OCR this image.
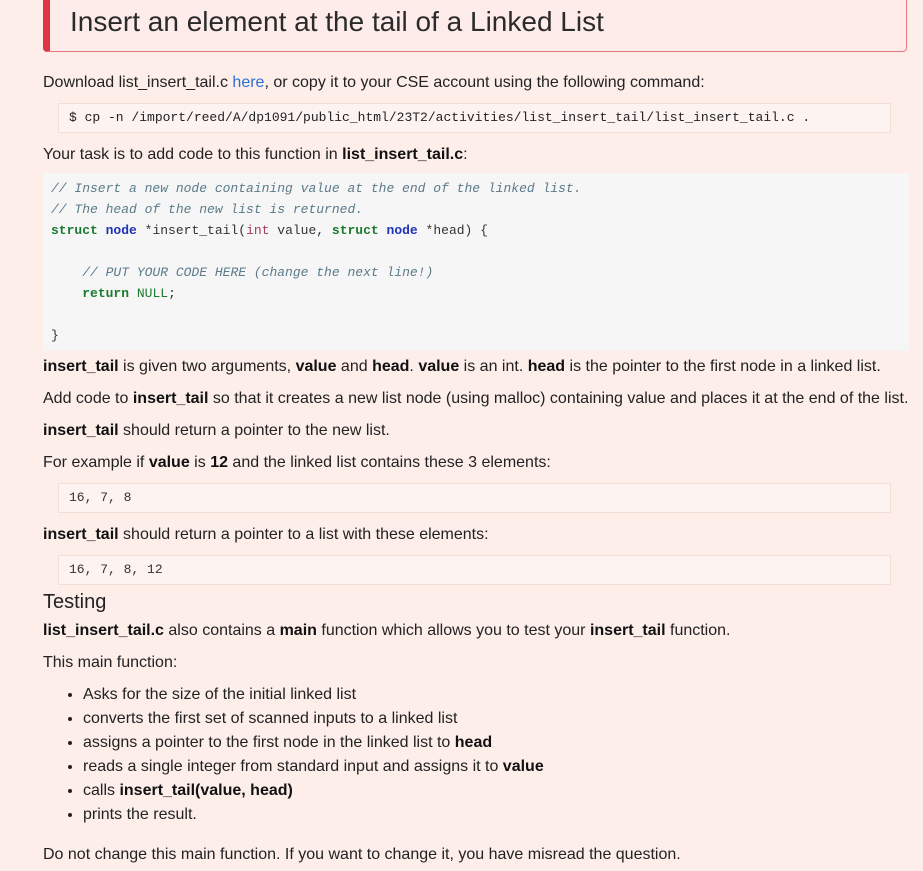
Insert an element at the tail of a Linked List

Download list_insert_tail.c here, or copy it to your CSE account using the following command:

$ cp -n /import/reed/A/dp1091/public_html/23T2/activities/list_insert_tail/list_insert_tail.c .

Your task is to add code to this function in list_insert_tail.c:

// Insert a new node containing value at the end of the linked list.
// The head of the new list is returned.
struct node *insert_tail(int value, struct node *head) {

// PUT YOUR CODE HERE (change the next line!)
return NULL;

}

insert_tail is given two arguments, value and head. value is an int. head is the pointer to the first node in a linked list.

Add code to insert_tail so that it creates a new list node (using malloc) containing value and places it at the end of the list.

insert_tail should return a pointer to the new list.

For example if value is 12 and the linked list contains these 3 elements:

16, 7, 8

insert_tail should return a pointer to a list with these elements:

16, 7, 8, 12
Testing

list_insert_tail.c also contains a main function which allows you to test your insert_tail function.

This main function:

• Asks for the size of the initial linked list
• converts the first set of scanned inputs to a linked list
• assigns a pointer to the first node in the linked list to head
• reads a single integer from standard input and assigns it to value
• calls insert_tail(value, head)
• prints the result.

Do not change this main function. If you want to change it, you have misread the question.
